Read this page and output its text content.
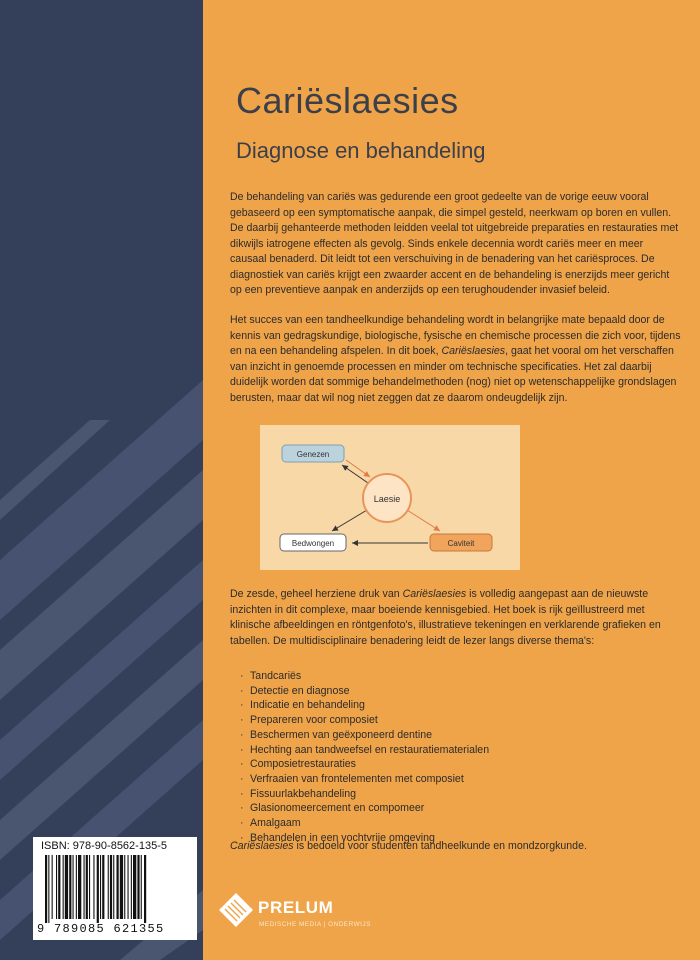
Cariëslaesies
Diagnose en behandeling

De behandeling van cariës was gedurende een groot gedeelte van de vorige eeuw vooral gebaseerd op een symptomatische aanpak, die simpel gesteld, neerkwam op boren en vullen. De daarbij gehanteerde methoden leidden veelal tot uitgebreide preparaties en restauraties met dikwijls iatrogene effecten als gevolg. Sinds enkele decennia wordt cariës meer en meer causaal benaderd. Dit leidt tot een verschuiving in de benadering van het cariësproces. De diagnostiek van cariës krijgt een zwaarder accent en de behandeling is enerzijds meer gericht op een preventieve aanpak en anderzijds op een terughoudender invasief beleid.

Het succes van een tandheelkundige behandeling wordt in belangrijke mate bepaald door de kennis van gedragskundige, biologische, fysische en chemische processen die zich voor, tijdens en na een behandeling afspelen. In dit boek, Cariëslaesies, gaat het vooral om het verschaffen van inzicht in genoemde processen en minder om technische specificaties. Het zal daarbij duidelijk worden dat sommige behandelmethoden (nog) niet op wetenschappelijke grondslagen berusten, maar dat wil nog niet zeggen dat ze daarom ondeugdelijk zijn.

Laesie
Genezen
Bedwongen	Caviteit

De zesde, geheel herziene druk van Cariëslaesies is volledig aangepast aan de nieuwste inzichten in dit complexe, maar boeiende kennisgebied. Het boek is rijk geïllustreerd met klinische afbeeldingen en röntgenfoto's, illustratieve tekeningen en verklarende grafieken en tabellen. De multidisciplinaire benadering leidt de lezer langs diverse thema's:

· Tandcariës
· Detectie en diagnose
· Indicatie en behandeling
· Prepareren voor composiet
· Beschermen van geëxponeerd dentine
· Hechting aan tandweefsel en restauratiematerialen
· Composietrestauraties
· Verfraaien van frontelementen met composiet
· Fissuurlakbehandeling
· Glasionomeercement en compomeer
· Amalgaam
· Behandelen in een vochtvrije omgeving

Cariëslaesies is bedoeld voor studenten tandheelkunde en mondzorgkunde.

ISBN: 978-90-8562-135-5
9 789085 621355
PRELUM
MEDISCHE MEDIA | ONDERWIJS
